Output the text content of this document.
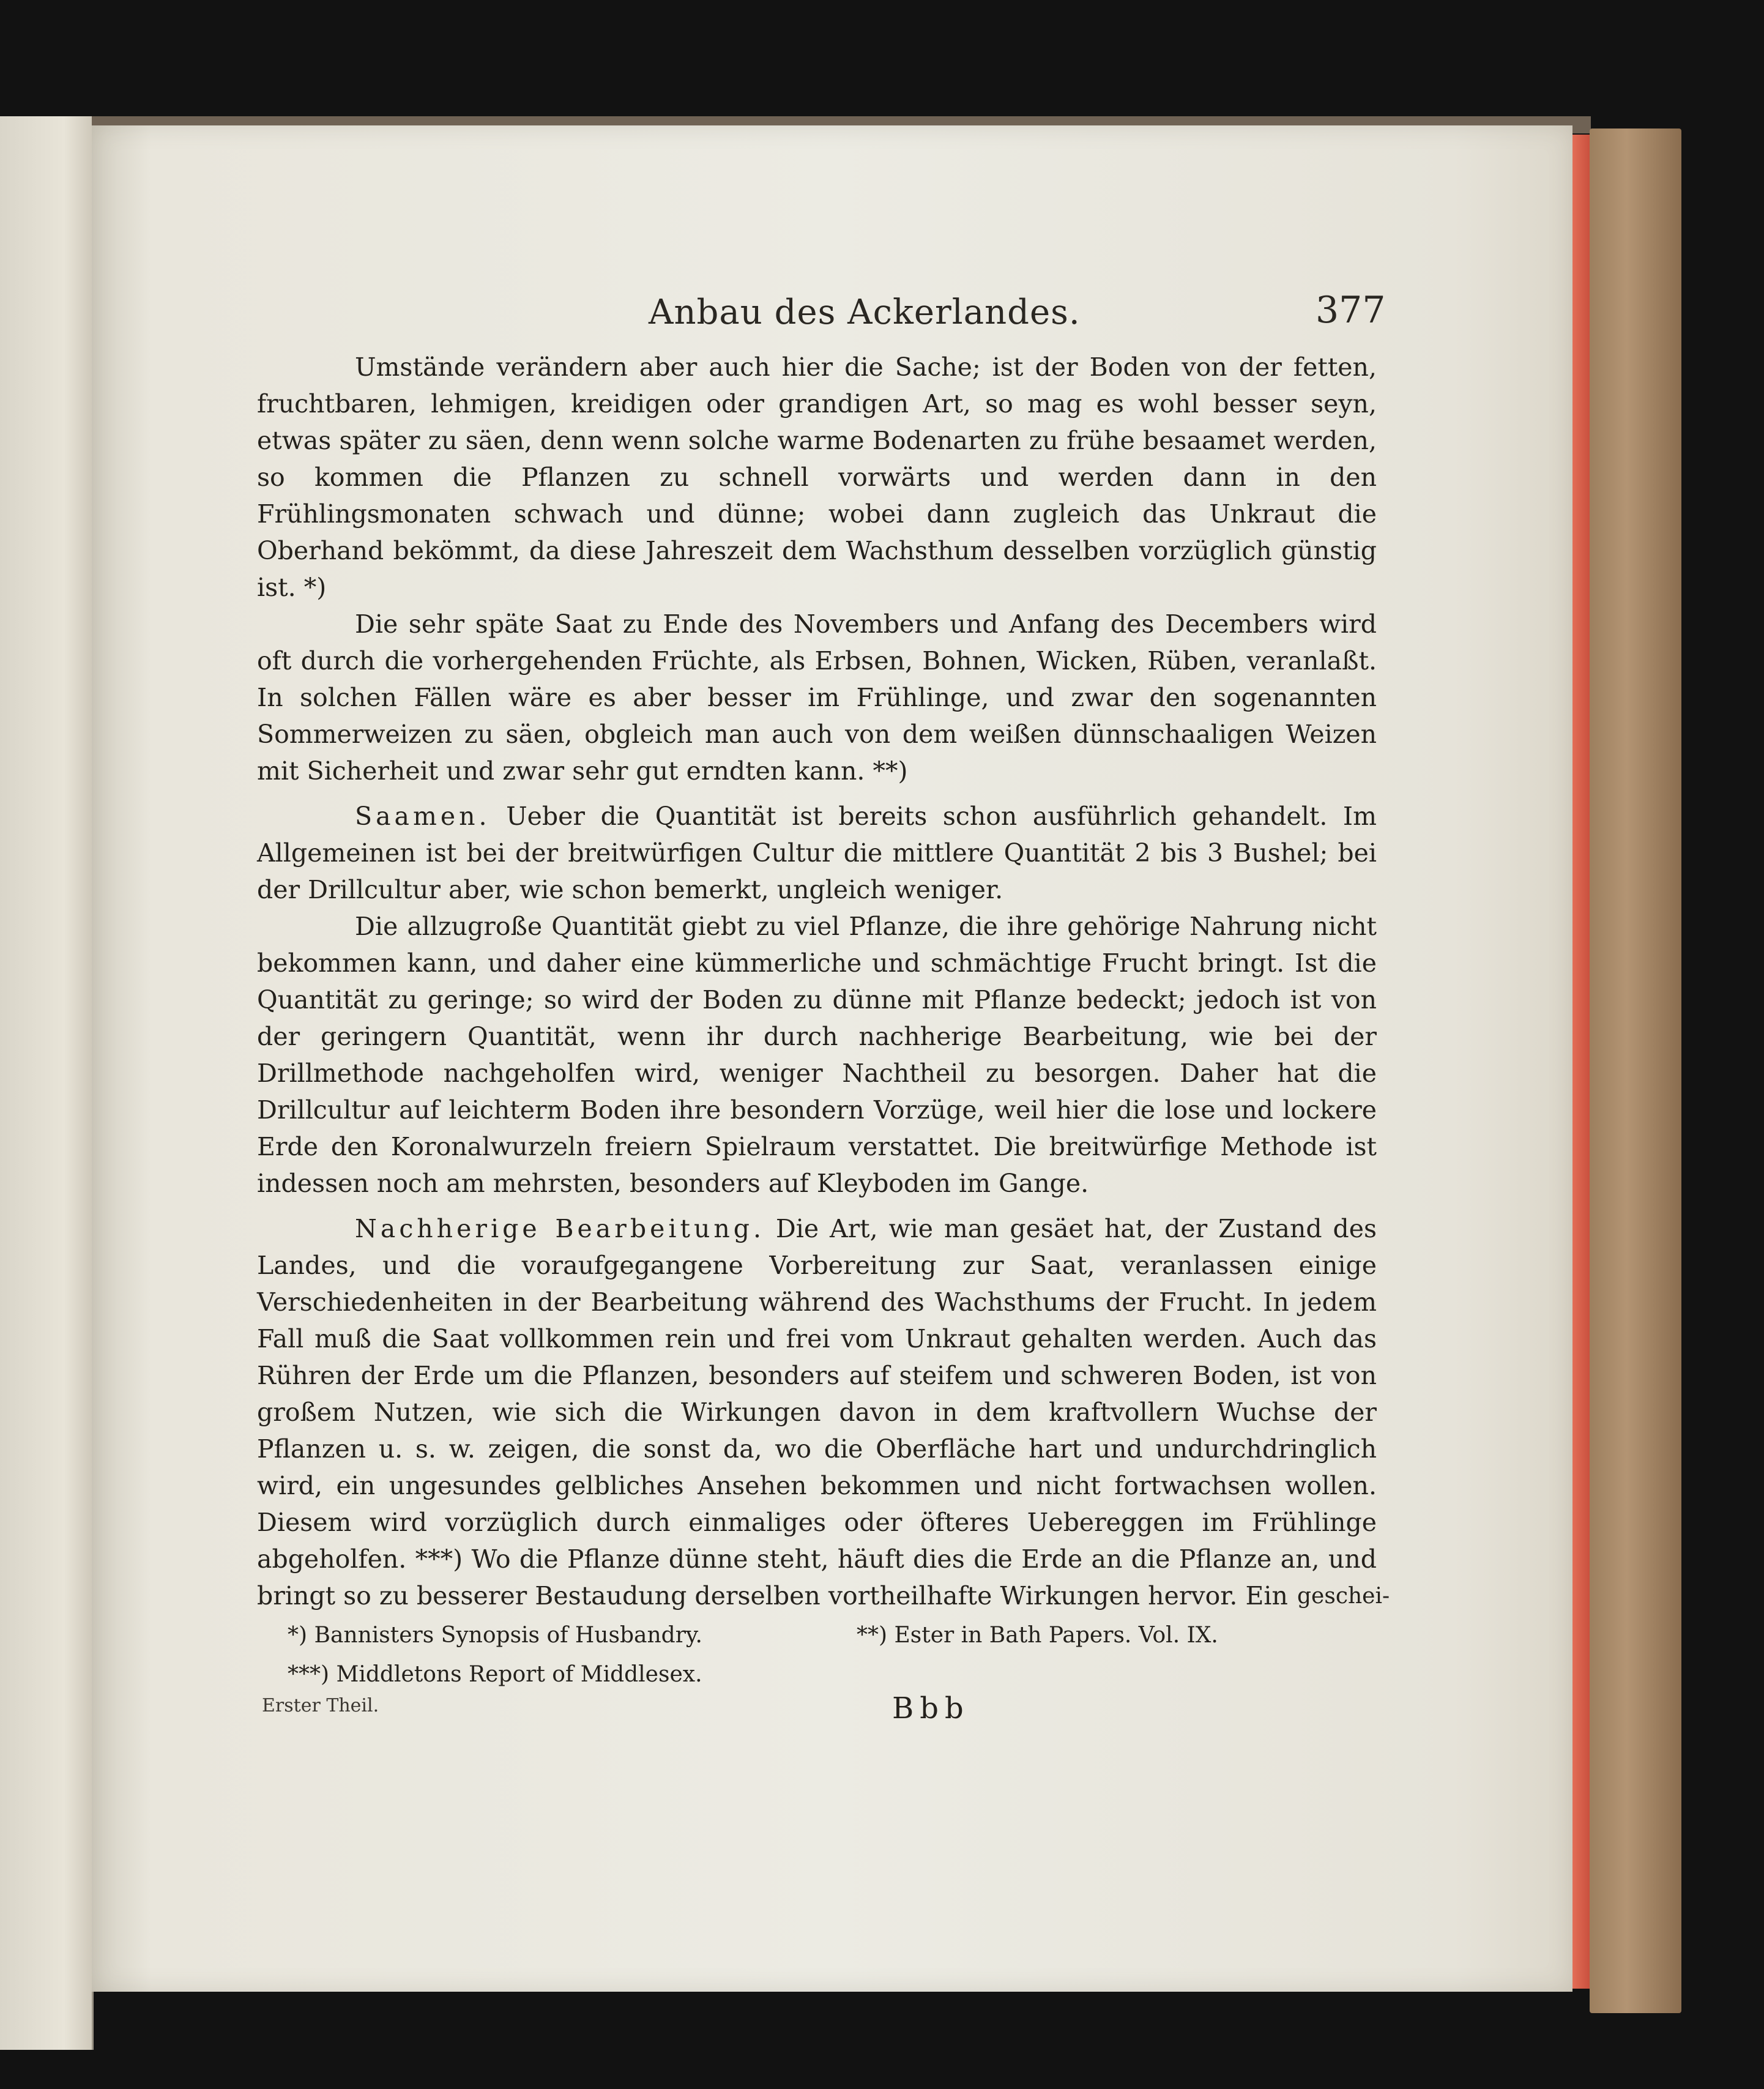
Anbau des Ackerlandes.	377

Umstände verändern aber auch hier die Sache; ist der Boden von der fetten, fruchtbaren, lehmigen, kreidigen oder grandigen Art, so mag es wohl besser seyn, etwas später zu säen, denn wenn solche warme Bodenarten zu frühe besaamet werden, so kommen die Pflanzen zu schnell vorwärts und werden dann in den Frühlingsmonaten schwach und dünne; wobei dann zugleich das Unkraut die Oberhand bekömmt, da diese Jahreszeit dem Wachsthum desselben vorzüglich günstig ist. *)

Die sehr späte Saat zu Ende des Novembers und Anfang des Decembers wird oft durch die vorhergehenden Früchte, als Erbsen, Bohnen, Wicken, Rüben, veranlaßt. In solchen Fällen wäre es aber besser im Frühlinge, und zwar den sogenannten Sommerweizen zu säen, obgleich man auch von dem weißen dünnschaaligen Weizen mit Sicherheit und zwar sehr gut erndten kann. **)

Saamen. Ueber die Quantität ist bereits schon ausführlich gehandelt. Im Allgemeinen ist bei der breitwürfigen Cultur die mittlere Quantität 2 bis 3 Bushel; bei der Drillcultur aber, wie schon bemerkt, ungleich weniger.

Die allzugroße Quantität giebt zu viel Pflanze, die ihre gehörige Nahrung nicht bekommen kann, und daher eine kümmerliche und schmächtige Frucht bringt. Ist die Quantität zu geringe; so wird der Boden zu dünne mit Pflanze bedeckt; jedoch ist von der geringern Quantität, wenn ihr durch nachherige Bearbeitung, wie bei der Drillmethode nachgeholfen wird, weniger Nachtheil zu besorgen. Daher hat die Drillcultur auf leichterm Boden ihre besondern Vorzüge, weil hier die lose und lockere Erde den Koronalwurzeln freiern Spielraum verstattet. Die breitwürfige Methode ist indessen noch am mehrsten, besonders auf Kleyboden im Gange.

Nachherige Bearbeitung. Die Art, wie man gesäet hat, der Zustand des Landes, und die voraufgegangene Vorbereitung zur Saat, veranlassen einige Verschiedenheiten in der Bearbeitung während des Wachsthums der Frucht. In jedem Fall muß die Saat vollkommen rein und frei vom Unkraut gehalten werden. Auch das Rühren der Erde um die Pflanzen, besonders auf steifem und schweren Boden, ist von großem Nutzen, wie sich die Wirkungen davon in dem kraftvollern Wuchse der Pflanzen u. s. w. zeigen, die sonst da, wo die Oberfläche hart und undurchdringlich wird, ein ungesundes gelbliches Ansehen bekommen und nicht fortwachsen wollen. Diesem wird vorzüglich durch einmaliges oder öfteres Uebereggen im Frühlinge abgeholfen. ***) Wo die Pflanze dünne steht, häuft dies die Erde an die Pflanze an, und bringt so zu besserer Bestaudung derselben vortheilhafte Wirkungen hervor. Ein geschei-
*) Bannisters Synopsis of Husbandry.	**) Ester in Bath Papers. Vol. IX.
***) Middletons Report of Middlesex.
Erster Theil.	Bbb
